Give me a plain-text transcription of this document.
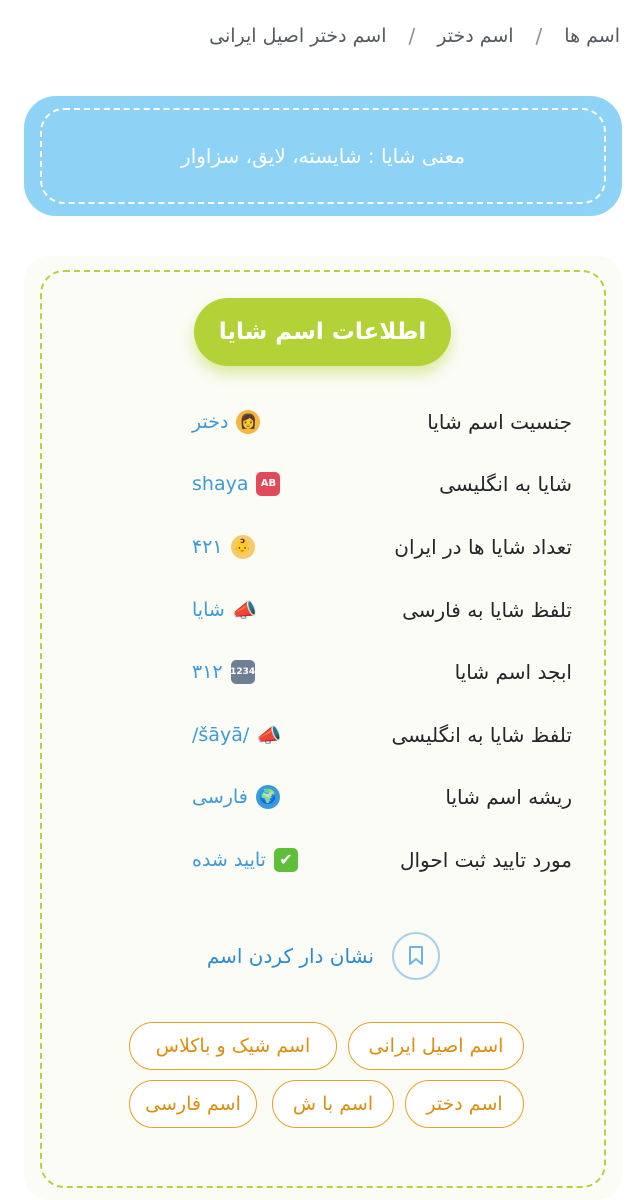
اسم ها
/
اسم دختر
/
اسم دختر اصیل ایرانی
معنی شایا : شایسته، لایق، سزاوار
اطلاعات اسم شایا
جنسیت اسم شایا
👩
دختر
شایا به انگلیسی
AB
shaya
تعداد شایا ها در ایران
👶
۴۲۱
تلفظ شایا به فارسی
📣
شایا
ابجد اسم شایا
1234
۳۱۲
تلفظ شایا به انگلیسی
📣
/šāyā/
ریشه اسم شایا
🌍
فارسی
مورد تایید ثبت احوال
✔
تایید شده
نشان دار کردن اسم
اسم اصیل ایرانی
اسم شیک و باکلاس
اسم دختر
اسم با ش
اسم فارسی
